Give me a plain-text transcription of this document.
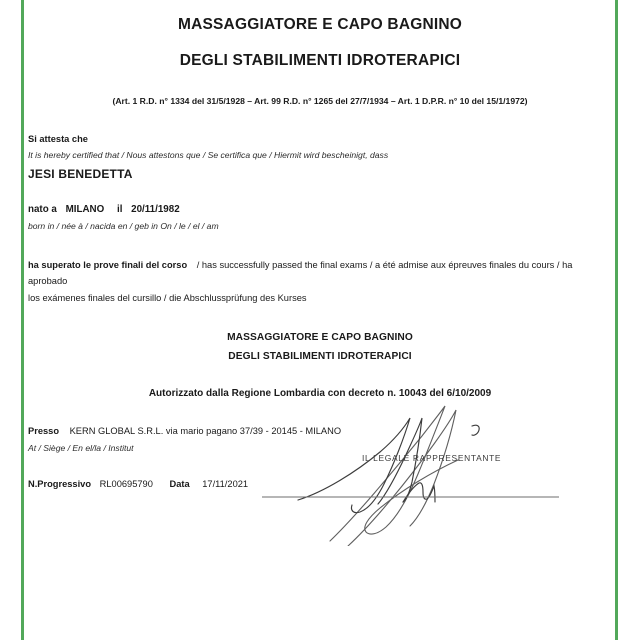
MASSAGGIATORE E CAPO BAGNINO
DEGLI STABILIMENTI IDROTERAPICI
(Art. 1 R.D. n° 1334 del 31/5/1928 – Art. 99 R.D. n° 1265 del 27/7/1934 – Art. 1 D.P.R. n° 10 del 15/1/1972)
Si attesta che
It is hereby certified that / Nous attestons que / Se certifica que / Hiermit wird bescheinigt, dass
JESI BENEDETTA
nato a MILANO il 20/11/1982
born in / née à / nacida en / geb in On / le / el / am
ha superato le prove finali del corso / has successfully passed the final exams / a été admise aux épreuves finales du cours / ha aprobado
los exámenes finales del cursillo / die Abschlussprüfung des Kurses
MASSAGGIATORE E CAPO BAGNINO
DEGLI STABILIMENTI IDROTERAPICI
Autorizzato dalla Regione Lombardia con decreto n. 10043 del 6/10/2009
Presso KERN GLOBAL S.R.L. via mario pagano 37/39 - 20145 - MILANO
At / Siège / En el/la / Institut
N.Progressivo RL00695790 Data 17/11/2021
IL LEGALE RAPPRESENTANTE
